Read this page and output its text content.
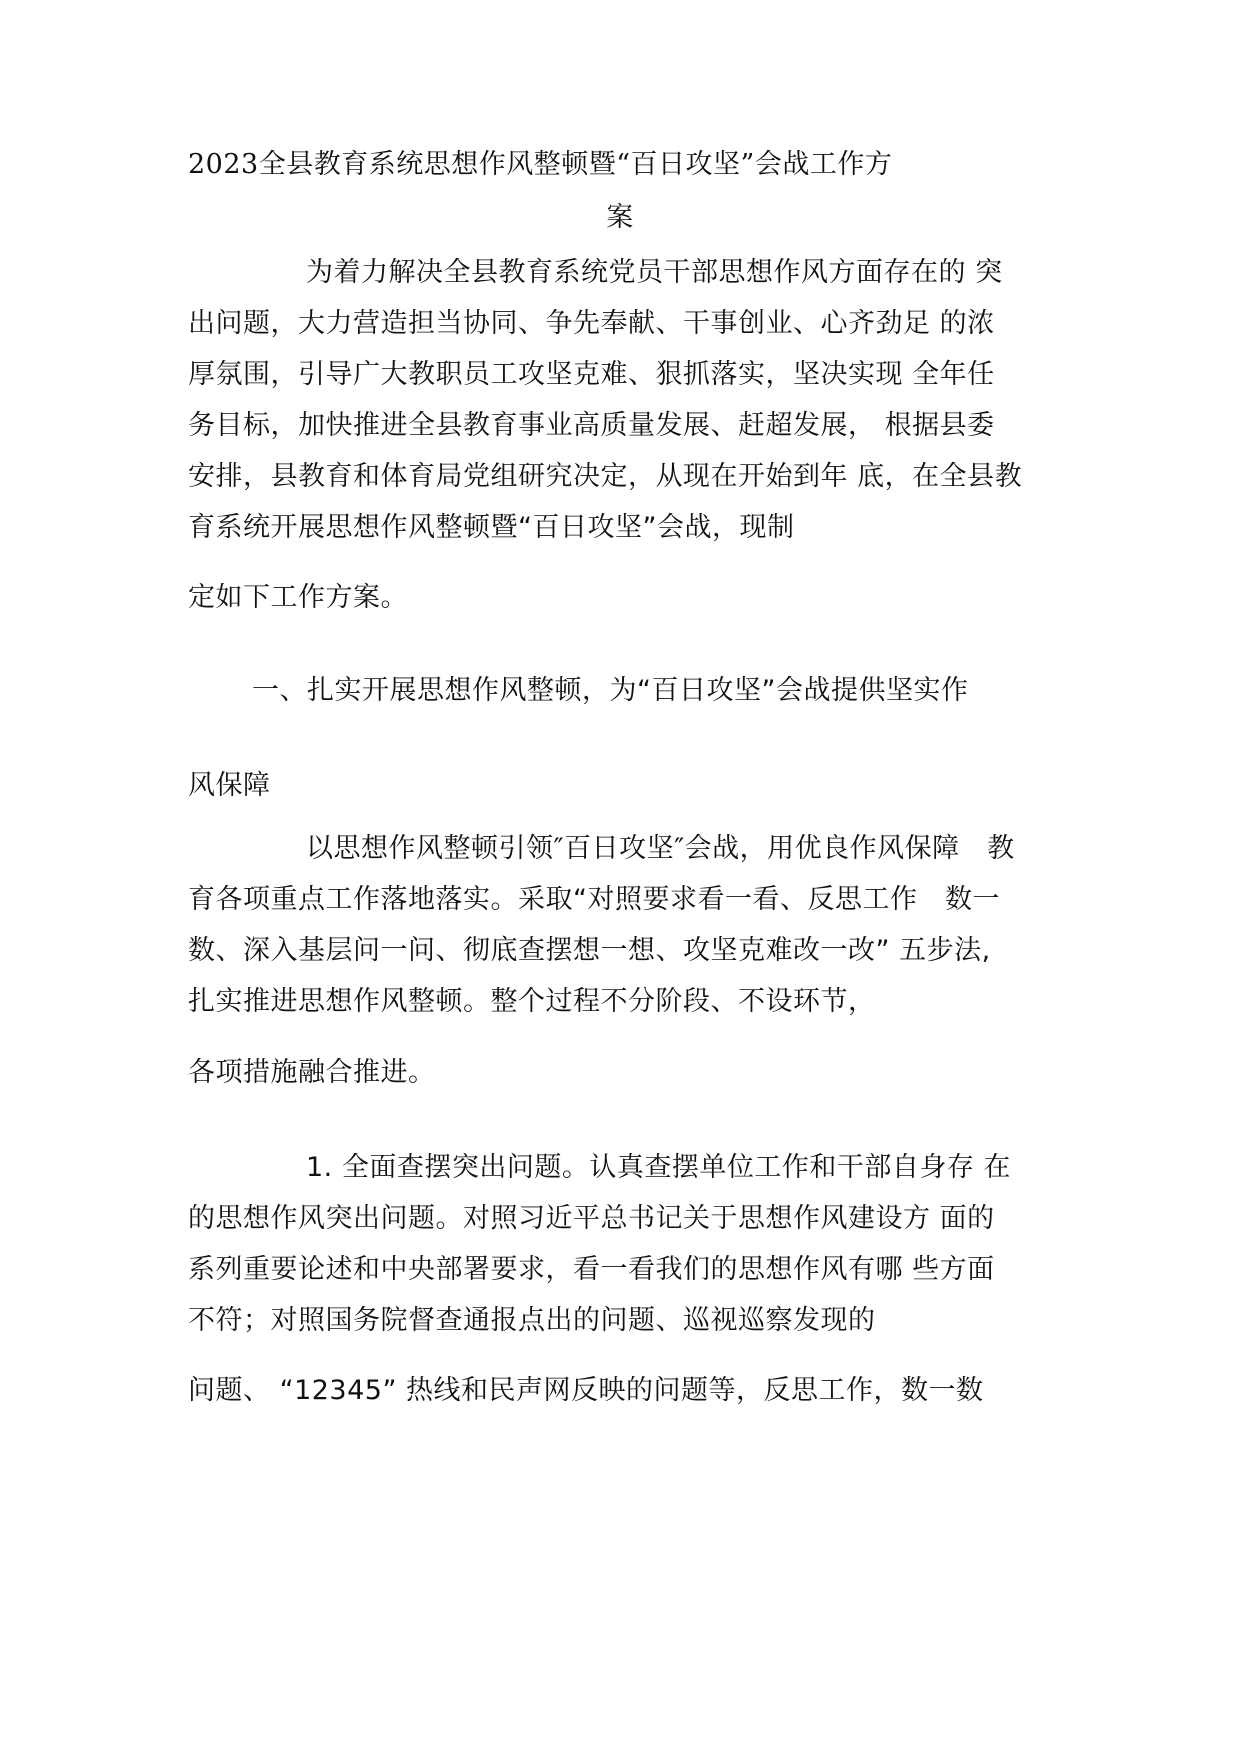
2023全县教育系统思想作风整顿暨“百日攻坚”会战工作方
案
为着力解决全县教育系统党员干部思想作风方面存在的 突
出问题，大力营造担当协同、争先奉献、干事创业、心齐劲足 的浓
厚氛围，引导广大教职员工攻坚克难、狠抓落实，坚决实现 全年任
务目标，加快推进全县教育事业高质量发展、赶超发展， 根据县委
安排，县教育和体育局党组研究决定，从现在开始到年 底，在全县教
育系统开展思想作风整顿暨“百日攻坚”会战，现制
定如下工作方案。
一、扎实开展思想作风整顿，为“百日攻坚”会战提供坚实作
风保障
以思想作风整顿引领″百日攻坚″会战，用优良作风保障　教
育各项重点工作落地落实。采取“对照要求看一看、反思工作　数一
数、深入基层问一问、彻底查摆想一想、攻坚克难改一改” 五步法,
扎实推进思想作风整顿。整个过程不分阶段、不设环节，
各项措施融合推进。
1. 全面查摆突出问题。认真查摆单位工作和干部自身存 在
的思想作风突出问题。对照习近平总书记关于思想作风建设方 面的
系列重要论述和中央部署要求，看一看我们的思想作风有哪 些方面
不符；对照国务院督查通报点出的问题、巡视巡察发现的
问题、 “12345” 热线和民声网反映的问题等，反思工作，数一数
